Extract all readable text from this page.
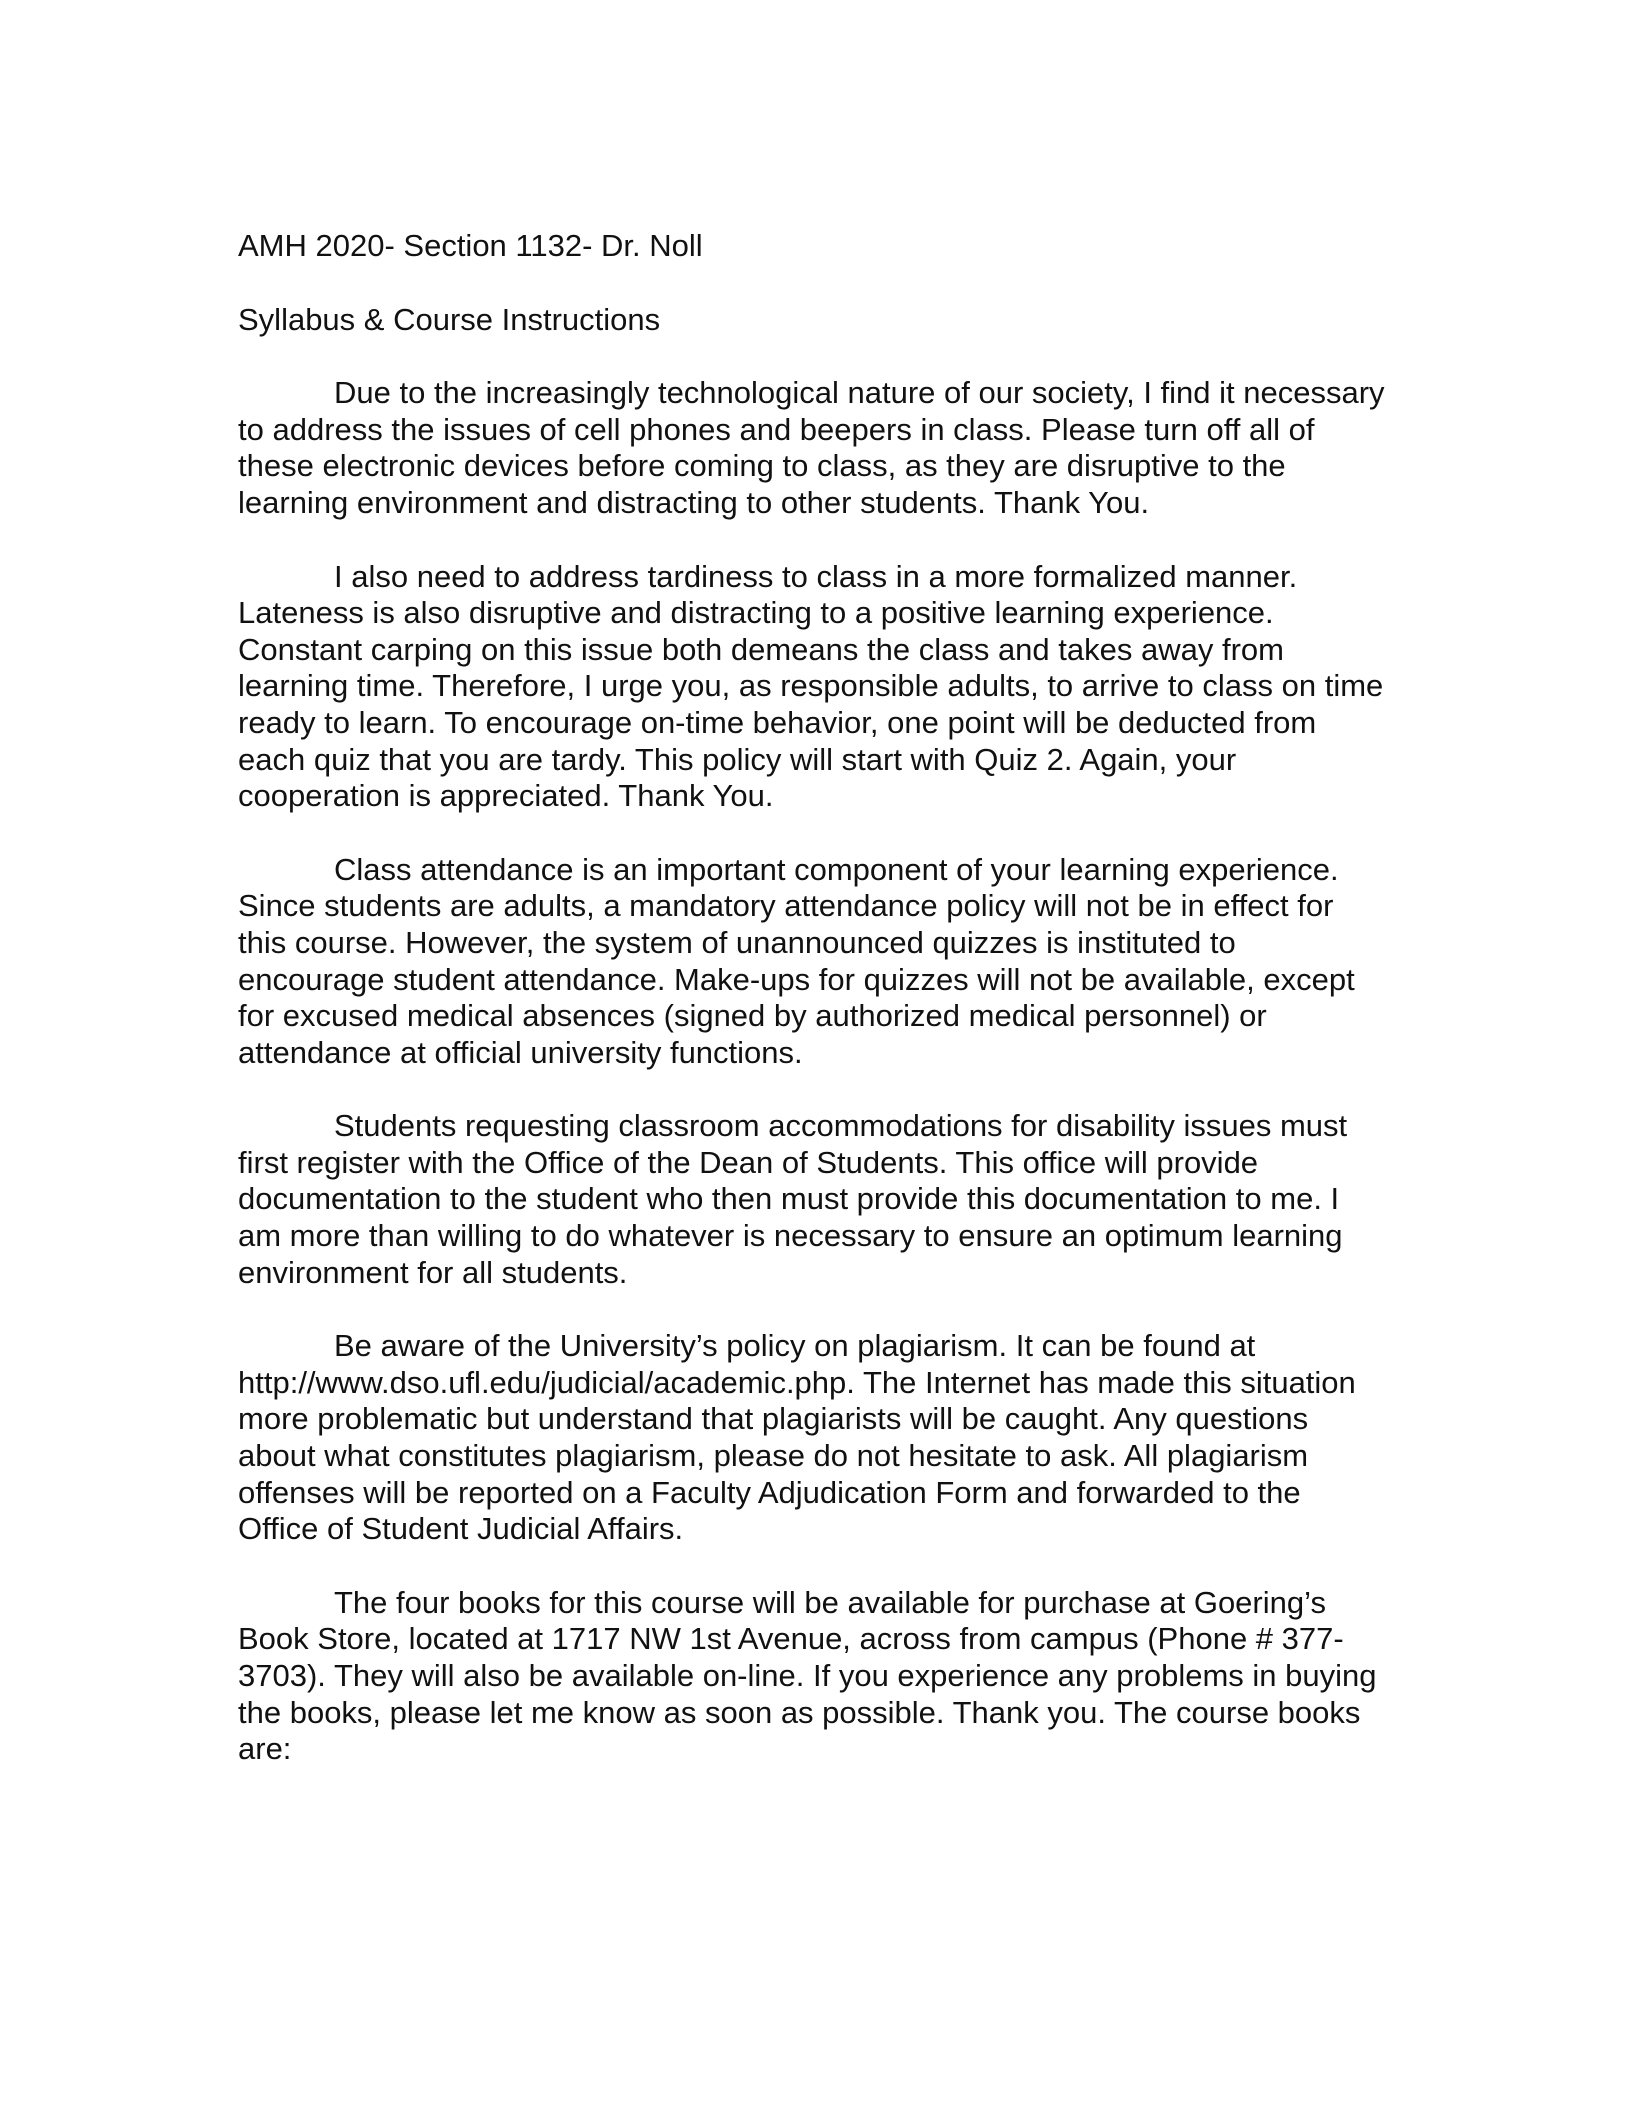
AMH 2020- Section 1132- Dr. Noll

Syllabus & Course Instructions

Due to the increasingly technological nature of our society, I find it necessary to address the issues of cell phones and beepers in class. Please turn off all of these electronic devices before coming to class, as they are disruptive to the learning environment and distracting to other students. Thank You.

I also need to address tardiness to class in a more formalized manner. Lateness is also disruptive and distracting to a positive learning experience. Constant carping on this issue both demeans the class and takes away from learning time. Therefore, I urge you, as responsible adults, to arrive to class on time ready to learn. To encourage on-time behavior, one point will be deducted from each quiz that you are tardy. This policy will start with Quiz 2. Again, your cooperation is appreciated. Thank You.

Class attendance is an important component of your learning experience. Since students are adults, a mandatory attendance policy will not be in effect for this course. However, the system of unannounced quizzes is instituted to encourage student attendance. Make-ups for quizzes will not be available, except for excused medical absences (signed by authorized medical personnel) or attendance at official university functions.

Students requesting classroom accommodations for disability issues must first register with the Office of the Dean of Students. This office will provide documentation to the student who then must provide this documentation to me. I am more than willing to do whatever is necessary to ensure an optimum learning environment for all students.

Be aware of the University’s policy on plagiarism. It can be found at http://www.dso.ufl.edu/judicial/academic.php. The Internet has made this situation more problematic but understand that plagiarists will be caught. Any questions about what constitutes plagiarism, please do not hesitate to ask. All plagiarism offenses will be reported on a Faculty Adjudication Form and forwarded to the Office of Student Judicial Affairs.

The four books for this course will be available for purchase at Goering’s Book Store, located at 1717 NW 1st Avenue, across from campus (Phone # 377-3703). They will also be available on-line. If you experience any problems in buying the books, please let me know as soon as possible. Thank you. The course books are:
